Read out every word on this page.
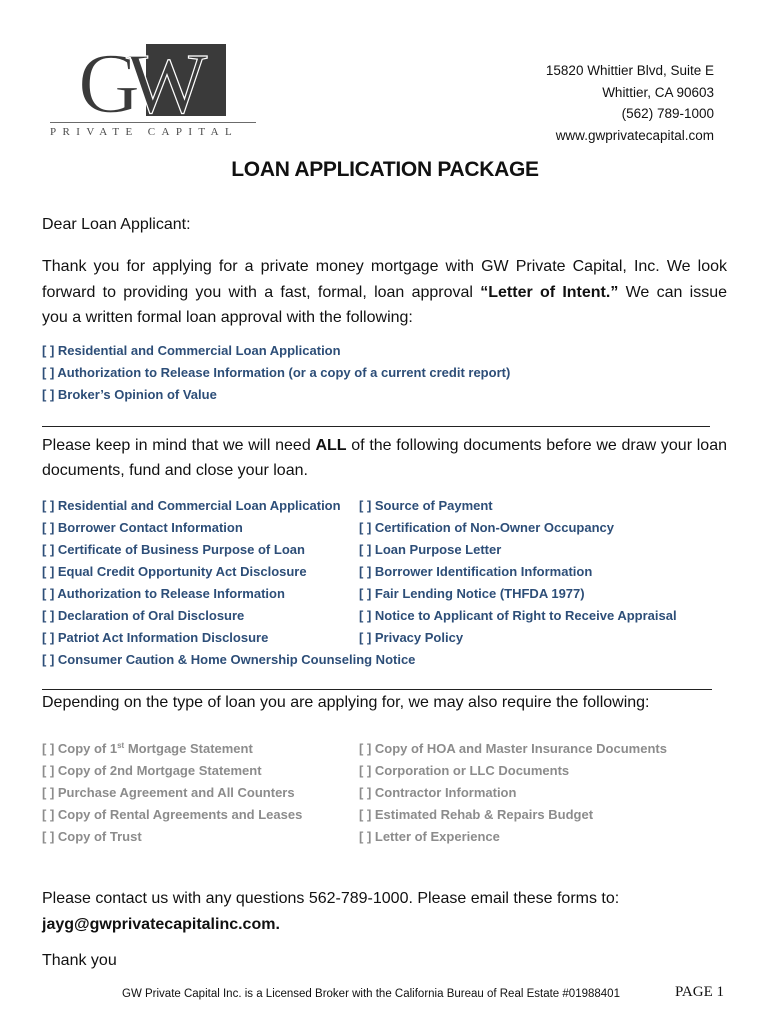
GW
PRIVATE CAPITAL
15820 Whittier Blvd, Suite E
Whittier, CA 90603
(562) 789-1000
www.gwprivatecapital.com
LOAN APPLICATION PACKAGE
Dear Loan Applicant:
Thank you for applying for a private money mortgage with GW Private Capital, Inc. We look
forward to providing you with a fast, formal, loan approval “Letter of Intent.” We can issue
you a written formal loan approval with the following:
[ ] Residential and Commercial Loan Application
[ ] Authorization to Release Information (or a copy of a current credit report)
[ ] Broker’s Opinion of Value
Please keep in mind that we will need ALL of the following documents before we draw your loan documents, fund and close your loan.
[ ] Residential and Commercial Loan Application
[ ] Borrower Contact Information
[ ] Certificate of Business Purpose of Loan
[ ] Equal Credit Opportunity Act Disclosure
[ ] Authorization to Release Information
[ ] Declaration of Oral Disclosure
[ ] Patriot Act Information Disclosure
[ ] Consumer Caution & Home Ownership Counseling Notice
[ ] Source of Payment
[ ] Certification of Non-Owner Occupancy
[ ] Loan Purpose Letter
[ ] Borrower Identification Information
[ ] Fair Lending Notice (THFDA 1977)
[ ] Notice to Applicant of Right to Receive Appraisal
[ ] Privacy Policy
Depending on the type of loan you are applying for, we may also require the following:
[ ] Copy of 1st Mortgage Statement
[ ] Copy of 2nd Mortgage Statement
[ ] Purchase Agreement and All Counters
[ ] Copy of Rental Agreements and Leases
[ ] Copy of Trust
[ ] Copy of HOA and Master Insurance Documents
[ ] Corporation or LLC Documents
[ ] Contractor Information
[ ] Estimated Rehab & Repairs Budget
[ ] Letter of Experience
Please contact us with any questions 562-789-1000. Please email these forms to:
jayg@gwprivatecapitalinc.com.
Thank you
GW Private Capital Inc. is a Licensed Broker with the California Bureau of Real Estate #01988401	PAGE 1
